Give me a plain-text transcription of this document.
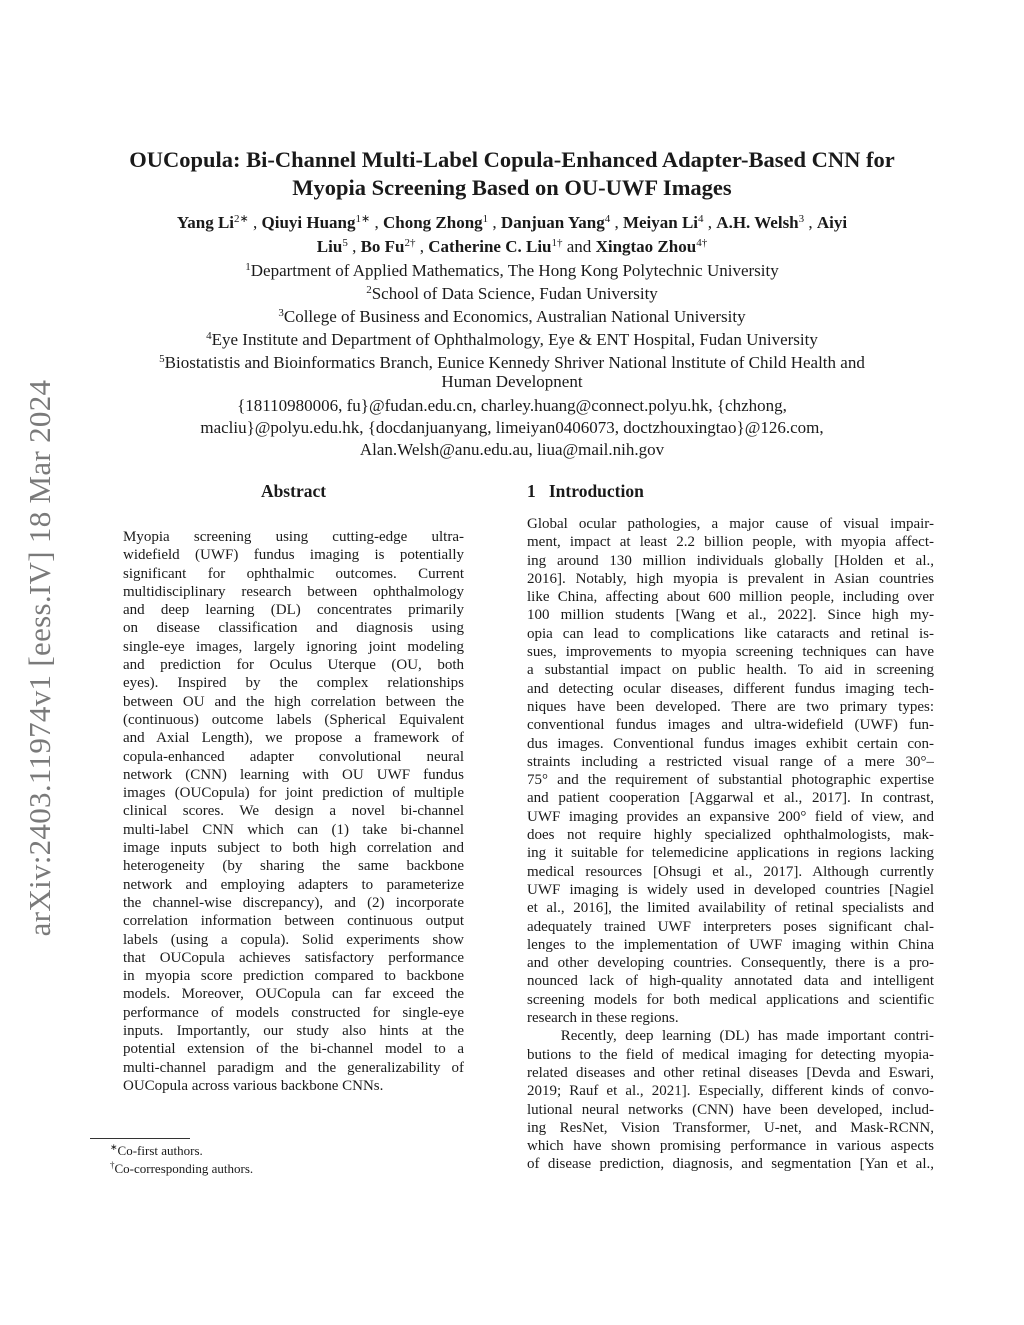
arXiv:2403.11974v1 [eess.IV] 18 Mar 2024
OUCopula: Bi-Channel Multi-Label Copula-Enhanced Adapter-Based CNN for
Myopia Screening Based on OU-UWF Images
Yang $Li^{2∗}$ , Qiuyi Huang$^{1∗}$ , Chong Zhong$^1$ , Danjuan Yang$^4$ , Meiyan Li$^4$ , A.H. Welsh$^3$ , Aiyi
Liu$^5$ , Bo $Fu^{2\dagger}$ , Catherine C. Liu$^{1\dagger}$ and Xingtao Zhou$^{4\dagger}$
$^1$Department of Applied Mathematics, The Hong Kong Polytechnic University
$^2$School of Data Science, Fudan University
$^3$College of Business and Economics, Australian National University
$^4$Eye Institute and Department of Ophthalmology, Eye & ENT Hospital, Fudan University
$^5$Biostatistis and Bioinformatics Branch, Eunice Kennedy Shriver National lnstitute of Child Health and
Human Developnent
{18110980006, fu}@fudan.edu.cn, charley.huang@connect.polyu.hk, {chzhong,
macliu}@polyu.edu.hk, {docdanjuanyang, limeiyan0406073, doctzhouxingtao}@126.com,
Alan.Welsh@anu.edu.au, liua@mail.nih.gov
Abstract
Myopia screening using cutting-edge ultra-
widefield (UWF) fundus imaging is potentially
significant for ophthalmic outcomes. Current
multidisciplinary research between ophthalmology
and deep learning (DL) concentrates primarily
on disease classification and diagnosis using
single-eye images, largely ignoring joint modeling
and prediction for Oculus Uterque (OU, both
eyes). Inspired by the complex relationships
between OU and the high correlation between the
(continuous) outcome labels (Spherical Equivalent
and Axial Length), we propose a framework of
copula-enhanced adapter convolutional neural
network (CNN) learning with OU UWF fundus
images (OUCopula) for joint prediction of multiple
clinical scores. We design a novel bi-channel
multi-label CNN which can (1) take bi-channel
image inputs subject to both high correlation and
heterogeneity (by sharing the same backbone
network and employing adapters to parameterize
the channel-wise discrepancy), and (2) incorporate
correlation information between continuous output
labels (using a copula). Solid experiments show
that OUCopula achieves satisfactory performance
in myopia score prediction compared to backbone
models. Moreover, OUCopula can far exceed the
performance of models constructed for single-eye
inputs. Importantly, our study also hints at the
potential extension of the bi-channel model to a
multi-channel paradigm and the generalizability of
OUCopula across various backbone CNNs.
1 Introduction
Global ocular pathologies, a major cause of visual impair-
ment, impact at least 2.2 billion people, with myopia affect-
ing around 130 million individuals globally [Holden et al.,
2016]. Notably, high myopia is prevalent in Asian countries
like China, affecting about 600 million people, including over
100 million students [Wang et al., 2022]. Since high my-
opia can lead to complications like cataracts and retinal is-
sues, improvements to myopia screening techniques can have
a substantial impact on public health. To aid in screening
and detecting ocular diseases, different fundus imaging tech-
niques have been developed. There are two primary types:
conventional fundus images and ultra-widefield (UWF) fun-
dus images. Conventional fundus images exhibit certain con-
straints including a restricted visual range of a mere 30°–
75° and the requirement of substantial photographic expertise
and patient cooperation [Aggarwal et al., 2017]. In contrast,
UWF imaging provides an expansive 200° field of view, and
does not require highly specialized ophthalmologists, mak-
ing it suitable for telemedicine applications in regions lacking
medical resources [Ohsugi et al., 2017]. Although currently
UWF imaging is widely used in developed countries [Nagiel
et al., 2016], the limited availability of retinal specialists and
adequately trained UWF interpreters poses significant chal-
lenges to the implementation of UWF imaging within China
and other developing countries. Consequently, there is a pro-
nounced lack of high-quality annotated data and intelligent
screening models for both medical applications and scientific
research in these regions.
Recently, deep learning (DL) has made important contri-
butions to the field of medical imaging for detecting myopia-
related diseases and other retinal diseases [Devda and Eswari,
2019; Rauf et al., 2021]. Especially, different kinds of convo-
lutional neural networks (CNN) have been developed, includ-
ing ResNet, Vision Transformer, U-net, and Mask-RCNN,
which have shown promising performance in various aspects
of disease prediction, diagnosis, and segmentation [Yan et al.,
∗Co-first authors.
†Co-corresponding authors.
